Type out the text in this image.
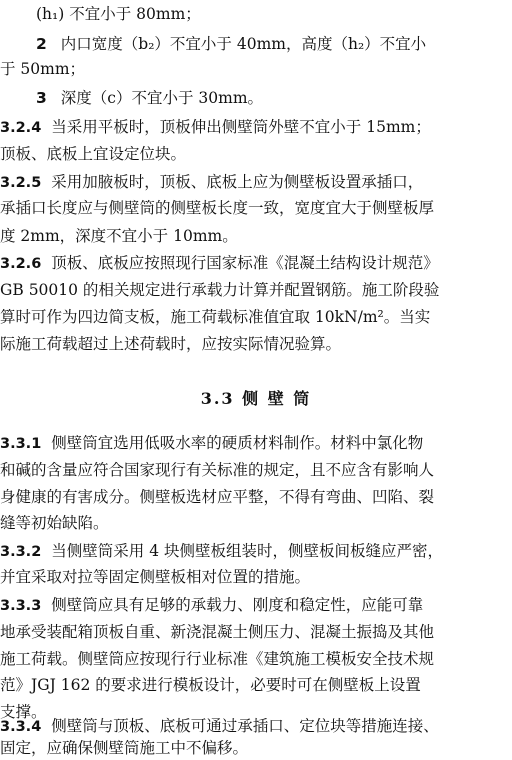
(h₁) 不宜小于 80mm；
2 内口宽度（b₂）不宜小于 40mm，高度（h₂）不宜小
于 50mm；
3 深度（c）不宜小于 30mm。
3.2.4 当采用平板时，顶板伸出侧壁筒外壁不宜小于 15mm；
顶板、底板上宜设定位块。
3.2.5 采用加腋板时，顶板、底板上应为侧壁板设置承插口，
承插口长度应与侧壁筒的侧壁板长度一致，宽度宜大于侧壁板厚
度 2mm，深度不宜小于 10mm。
3.2.6 顶板、底板应按照现行国家标准《混凝土结构设计规范》
GB 50010 的相关规定进行承载力计算并配置钢筋。施工阶段验
算时可作为四边简支板，施工荷载标准值宜取 10kN/m²。当实
际施工荷载超过上述荷载时，应按实际情况验算。
3.3 侧 壁 筒
3.3.1 侧壁筒宜选用低吸水率的硬质材料制作。材料中氯化物
和碱的含量应符合国家现行有关标准的规定，且不应含有影响人
身健康的有害成分。侧壁板选材应平整，不得有弯曲、凹陷、裂
缝等初始缺陷。
3.3.2 当侧壁筒采用 4 块侧壁板组装时，侧壁板间板缝应严密，
并宜采取对拉等固定侧壁板相对位置的措施。
3.3.3 侧壁筒应具有足够的承载力、刚度和稳定性，应能可靠
地承受装配箱顶板自重、新浇混凝土侧压力、混凝土振捣及其他
施工荷载。侧壁筒应按现行行业标准《建筑施工模板安全技术规
范》JGJ 162 的要求进行模板设计，必要时可在侧壁板上设置
支撑。
3.3.4 侧壁筒与顶板、底板可通过承插口、定位块等措施连接、
固定，应确保侧壁筒施工中不偏移。
